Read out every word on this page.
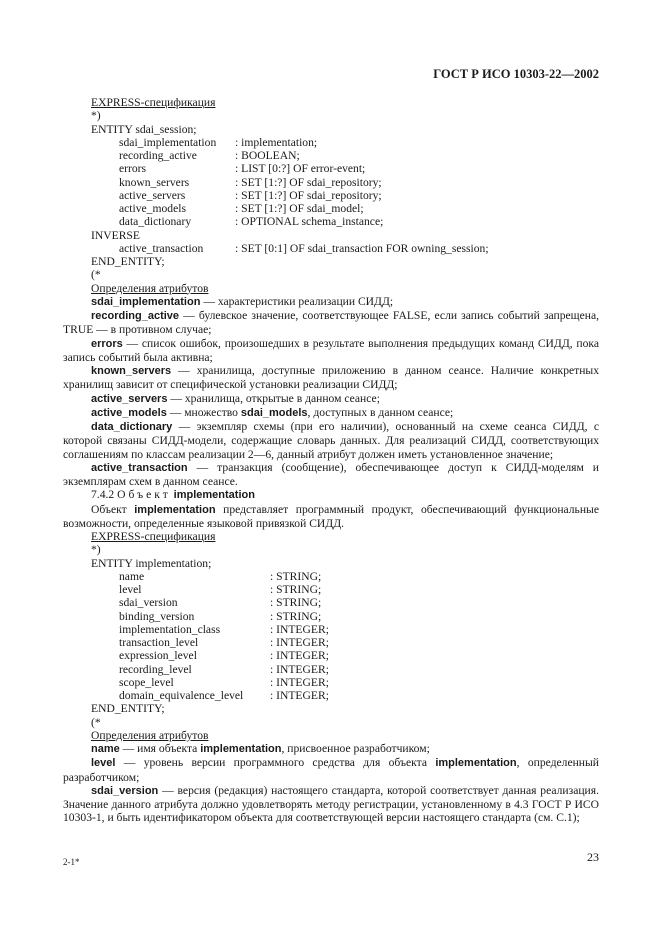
ГОСТ Р ИСО 10303-22—2002
EXPRESS-спецификация
*)
ENTITY sdai_session;
sdai_implementation	: implementation;
recording_active	: BOOLEAN;
errors	: LIST [0:?] OF error-event;
known_servers	: SET [1:?] OF sdai_repository;
active_servers	: SET [1:?] OF sdai_repository;
active_models	: SET [1:?] OF sdai_model;
data_dictionary	: OPTIONAL schema_instance;
INVERSE
active_transaction	: SET [0:1] OF sdai_transaction FOR owning_session;
END_ENTITY;
(*
Определения атрибутов
sdai_implementation — характеристики реализации СИДД;
recording_active — булевское значение, соответствующее FALSE, если запись событий запрещена, TRUE — в противном случае;
errors — список ошибок, произошедших в результате выполнения предыдущих команд СИДД, пока запись событий была активна;
known_servers — хранилища, доступные приложению в данном сеансе. Наличие конкретных хранилищ зависит от специфической установки реализации СИДД;
active_servers — хранилища, открытые в данном сеансе;
active_models — множество sdai_models, доступных в данном сеансе;
data_dictionary — экземпляр схемы (при его наличии), основанный на схеме сеанса СИДД, с которой связаны СИДД-модели, содержащие словарь данных. Для реализаций СИДД, соответствующих соглашениям по классам реализации 2—6, данный атрибут должен иметь установленное значение;
active_transaction — транзакция (сообщение), обеспечивающее доступ к СИДД-моделям и экземплярам схем в данном сеансе.
7.4.2 Объект implementation
Объект implementation представляет программный продукт, обеспечивающий функциональные возможности, определенные языковой привязкой СИДД.
EXPRESS-спецификация
*)
ENTITY implementation;
name	: STRING;
level	: STRING;
sdai_version	: STRING;
binding_version	: STRING;
implementation_class	: INTEGER;
transaction_level	: INTEGER;
expression_level	: INTEGER;
recording_level	: INTEGER;
scope_level	: INTEGER;
domain_equivalence_level	: INTEGER;
END_ENTITY;
(*
Определения атрибутов
name — имя объекта implementation, присвоенное разработчиком;
level — уровень версии программного средства для объекта implementation, определенный разработчиком;
sdai_version — версия (редакция) настоящего стандарта, которой соответствует данная реализация. Значение данного атрибута должно удовлетворять методу регистрации, установленному в 4.3 ГОСТ Р ИСО 10303-1, и быть идентификатором объекта для соответствующей версии настоящего стандарта (см. С.1);
2-1*	23
